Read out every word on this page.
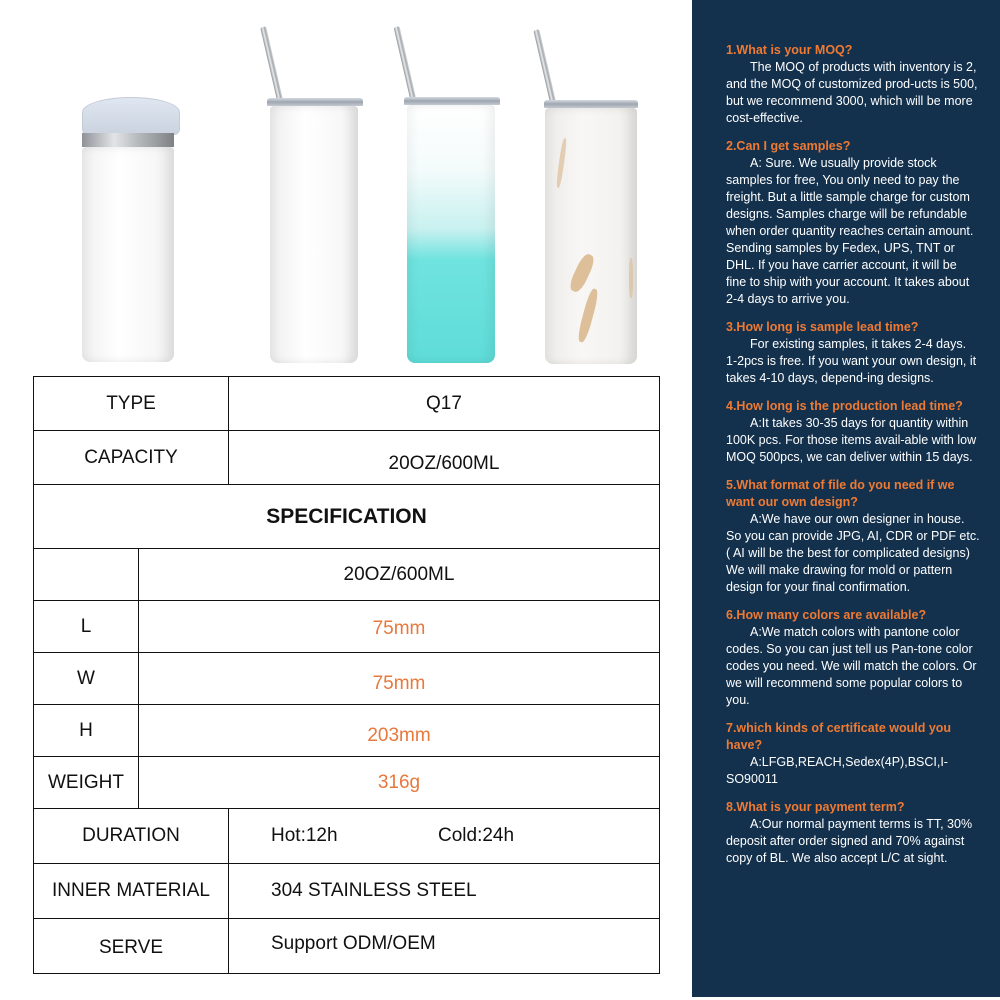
TYPE		Q17
CAPACITY		20OZ/600ML
SPECIFICATION		
	20OZ/600ML	
L	75mm	
W	75mm	
H	203mm	
WEIGHT	316g	
DURATION		Hot:12h Cold:24h
INNER MATERIAL		304 STAINLESS STEEL
SERVE		Support ODM/OEM
1.What is your MOQ?
The MOQ of products with inventory is 2, and the MOQ of customized prod-ucts is 500, but we recommend 3000, which will be more cost-effective.
2.Can I get samples?
A: Sure. We usually provide stock samples for free, You only need to pay the freight. But a little sample charge for custom designs. Samples charge will be refundable when order quantity reaches certain amount. Sending samples by Fedex, UPS, TNT or DHL. If you have carrier account, it will be fine to ship with your account. It takes about 2-4 days to arrive you.
3.How long is sample lead time?
For existing samples, it takes 2-4 days. 1-2pcs is free. If you want your own design, it takes 4-10 days, depend-ing designs.
4.How long is the production lead time?
A:It takes 30-35 days for quantity within 100K pcs. For those items avail-able with low MOQ 500pcs, we can deliver within 15 days.
5.What format of file do you need if we want our own design?
A:We have our own designer in house. So you can provide JPG, AI, CDR or PDF etc. ( AI will be the best for complicated designs) We will make drawing for mold or pattern design for your final confirmation.
6.How many colors are available?
A:We match colors with pantone color codes. So you can just tell us Pan-tone color codes you need. We will match the colors. Or we will recommend some popular colors to you.
7.which kinds of certificate would you have?
A:LFGB,REACH,Sedex(4P),BSCI,I-SO90011
8.What is your payment term?
A:Our normal payment terms is TT, 30% deposit after order signed and 70% against copy of BL. We also accept L/C at sight.
